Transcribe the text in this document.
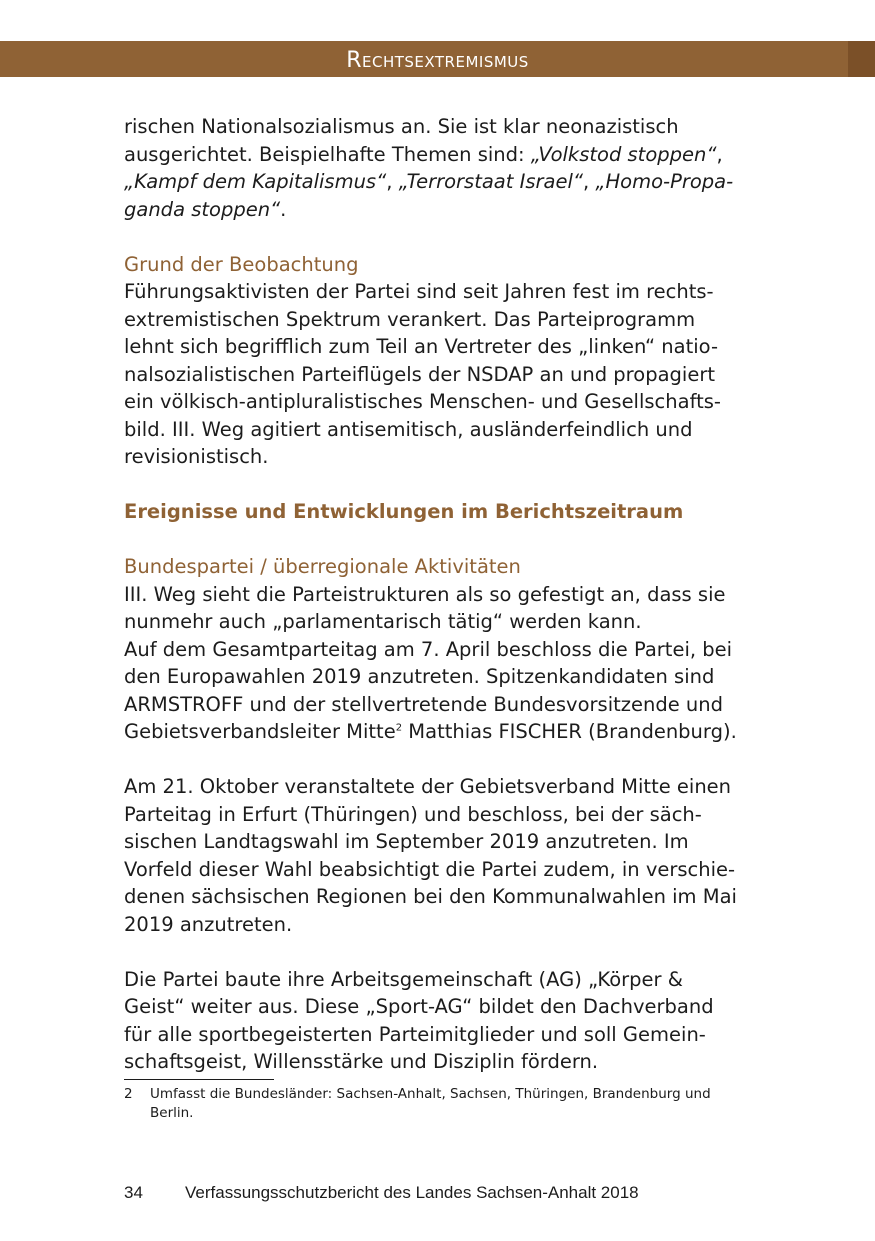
Rechtsextremismus

rischen Nationalsozialismus an. Sie ist klar neonazistisch
ausgerichtet. Beispielhafte Themen sind: „Volkstod stoppen“,
„Kampf dem Kapitalismus“, „Terrorstaat Israel“, „Homo-Propa-
ganda stoppen“.

Grund der Beobachtung

Führungsaktivisten der Partei sind seit Jahren fest im rechts-
extremistischen Spektrum verankert. Das Parteiprogramm
lehnt sich begrifflich zum Teil an Vertreter des „linken“ natio-
nalsozialistischen Parteiflügels der NSDAP an und propagiert
ein völkisch-antipluralistisches Menschen- und Gesellschafts-
bild. III. Weg agitiert antisemitisch, ausländerfeindlich und
revisionistisch.

Ereignisse und Entwicklungen im Berichtszeitraum

Bundespartei / überregionale Aktivitäten

III. Weg sieht die Parteistrukturen als so gefestigt an, dass sie
nunmehr auch „parlamentarisch tätig“ werden kann.
Auf dem Gesamtparteitag am 7. April beschloss die Partei, bei
den Europawahlen 2019 anzutreten. Spitzenkandidaten sind
ARMSTROFF und der stellvertretende Bundesvorsitzende und
Gebietsverbandsleiter Mitte$^2$ Matthias FISCHER (Brandenburg).

Am 21. Oktober veranstaltete der Gebietsverband Mitte einen
Parteitag in Erfurt (Thüringen) und beschloss, bei der säch-
sischen Landtagswahl im September 2019 anzutreten. Im
Vorfeld dieser Wahl beabsichtigt die Partei zudem, in verschie-
denen sächsischen Regionen bei den Kommunalwahlen im Mai
2019 anzutreten.

Die Partei baute ihre Arbeitsgemeinschaft (AG) „Körper &
Geist“ weiter aus. Diese „Sport-AG“ bildet den Dachverband
für alle sportbegeisterten Parteimitglieder und soll Gemein-
schaftsgeist, Willensstärke und Disziplin fördern.

2 Umfasst die Bundesländer: Sachsen-Anhalt, Sachsen, Thüringen, Brandenburg und
Berlin.
34 Verfassungsschutzbericht des Landes Sachsen-Anhalt 2018
